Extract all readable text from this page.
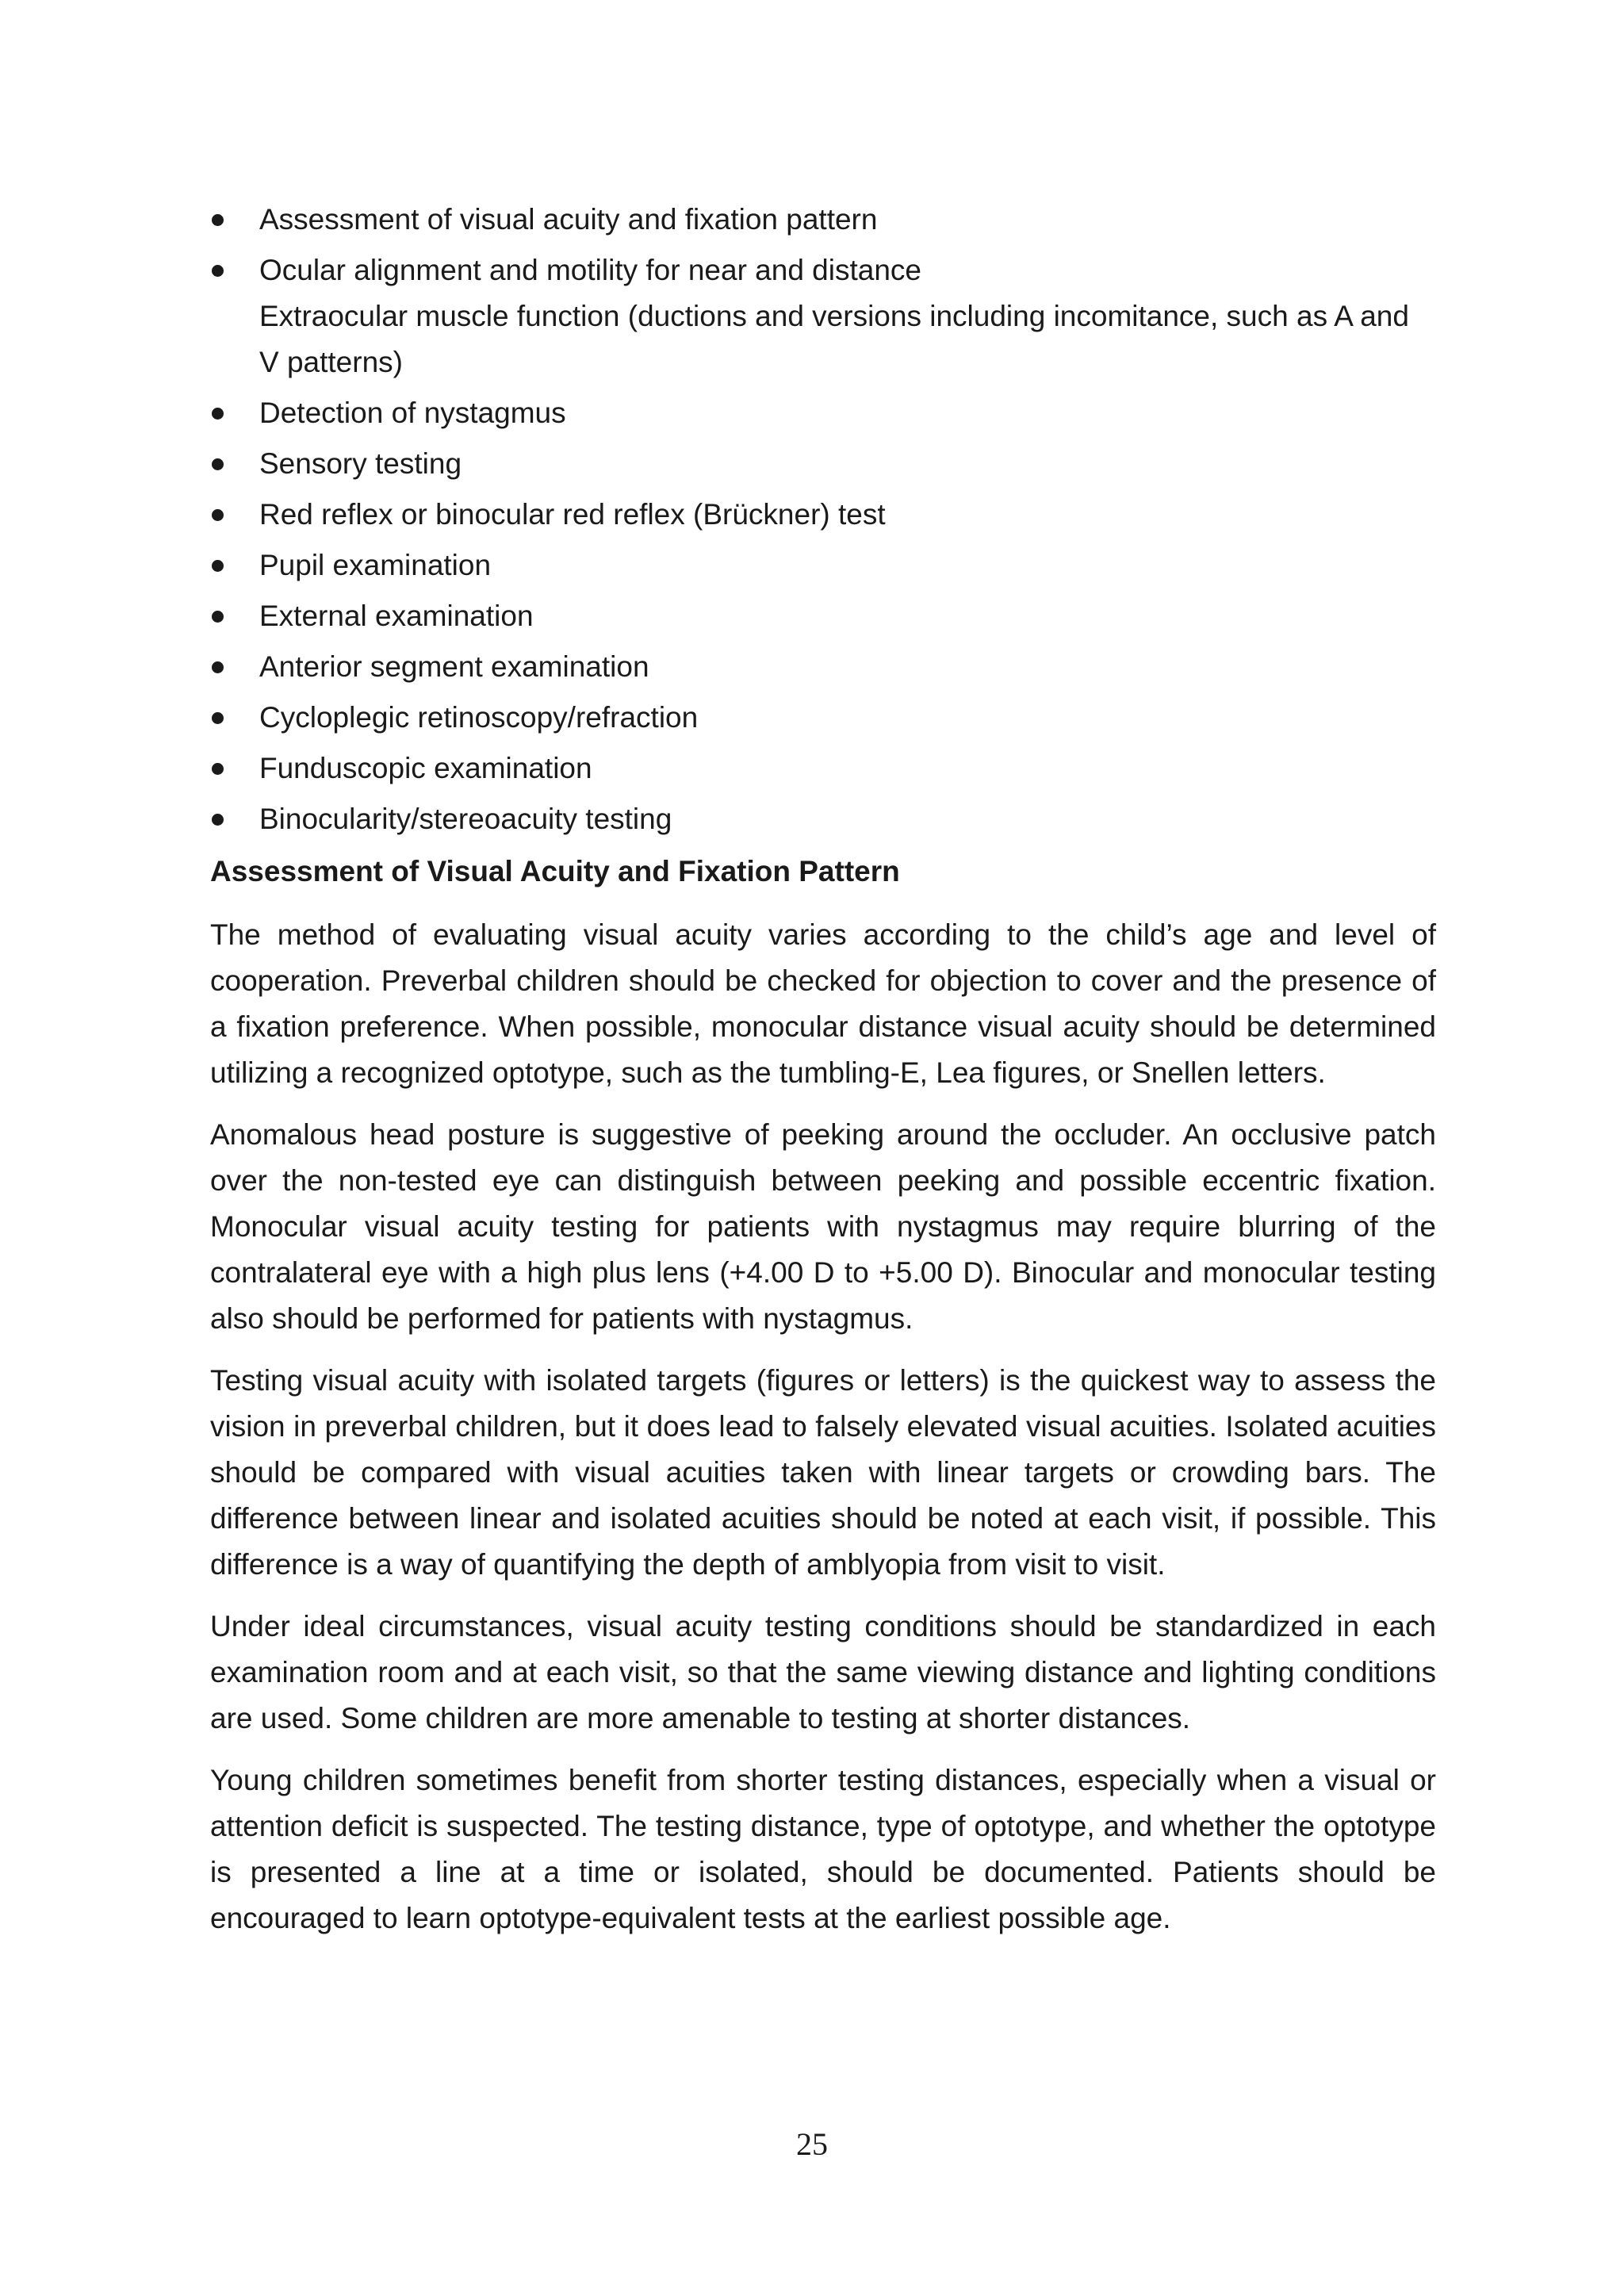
Assessment of visual acuity and fixation pattern
Ocular alignment and motility for near and distance
Extraocular muscle function (ductions and versions including incomitance, such as A and V patterns)
Detection of nystagmus
Sensory testing
Red reflex or binocular red reflex (Brückner) test
Pupil examination
External examination
Anterior segment examination
Cycloplegic retinoscopy/refraction
Funduscopic examination
Binocularity/stereoacuity testing
Assessment of Visual Acuity and Fixation Pattern

The method of evaluating visual acuity varies according to the child’s age and level of cooperation. Preverbal children should be checked for objection to cover and the presence of a fixation preference. When possible, monocular distance visual acuity should be determined utilizing a recognized optotype, such as the tumbling-E, Lea figures, or Snellen letters.

Anomalous head posture is suggestive of peeking around the occluder. An occlusive patch over the non-tested eye can distinguish between peeking and possible eccentric fixation. Monocular visual acuity testing for patients with nystagmus may require blurring of the contralateral eye with a high plus lens (+4.00 D to +5.00 D). Binocular and monocular testing also should be performed for patients with nystagmus.

Testing visual acuity with isolated targets (figures or letters) is the quickest way to assess the vision in preverbal children, but it does lead to falsely elevated visual acuities. Isolated acuities should be compared with visual acuities taken with linear targets or crowding bars. The difference between linear and isolated acuities should be noted at each visit, if possible. This difference is a way of quantifying the depth of amblyopia from visit to visit.

Under ideal circumstances, visual acuity testing conditions should be standardized in each examination room and at each visit, so that the same viewing distance and lighting conditions are used. Some children are more amenable to testing at shorter distances.

Young children sometimes benefit from shorter testing distances, especially when a visual or attention deficit is suspected. The testing distance, type of optotype, and whether the optotype is presented a line at a time or isolated, should be documented. Patients should be encouraged to learn optotype-equivalent tests at the earliest possible age.

25
